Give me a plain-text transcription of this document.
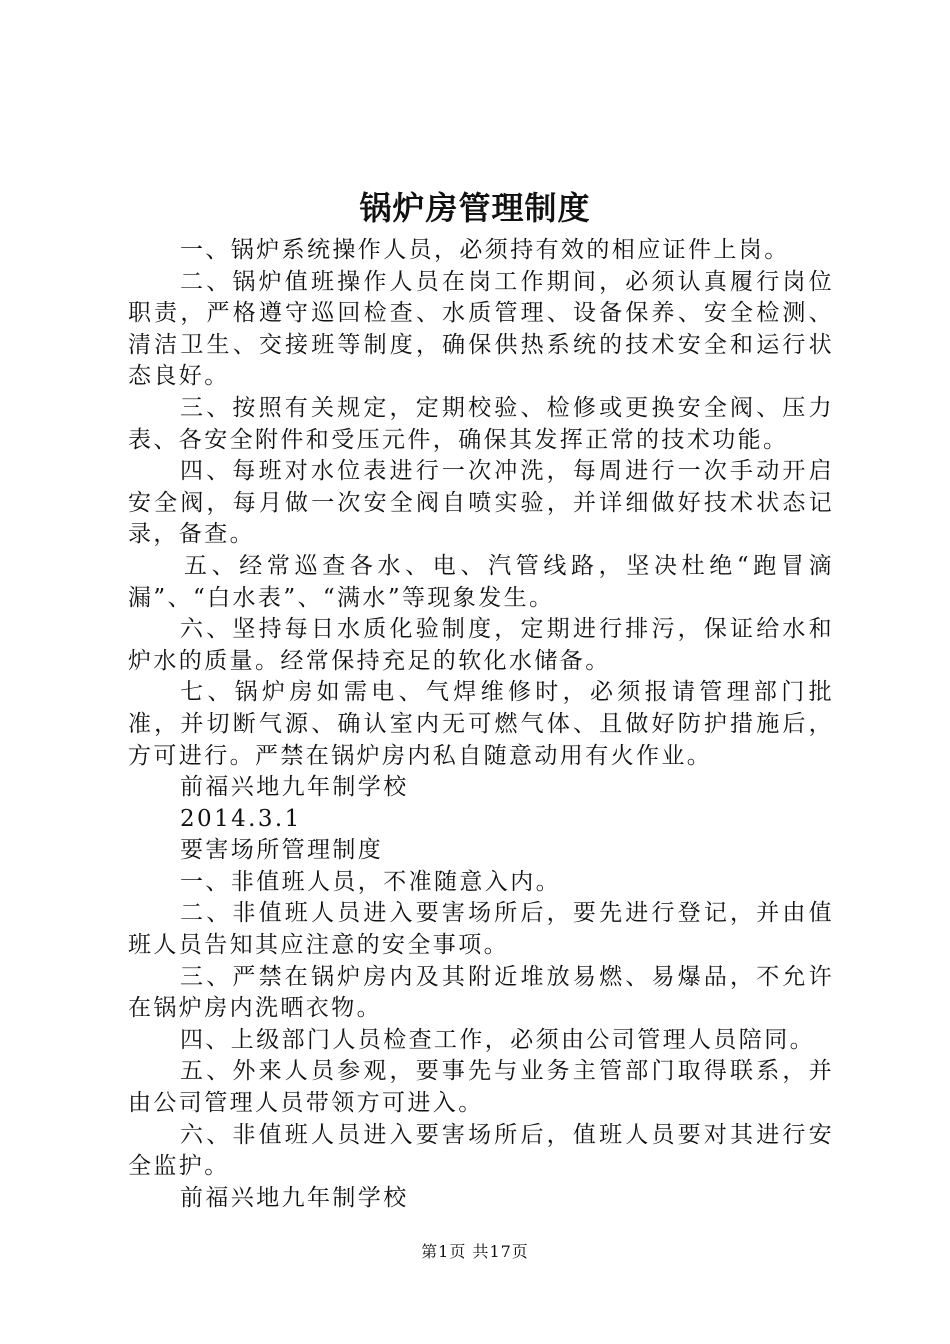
锅炉房管理制度

一、锅炉系统操作人员，必须持有效的相应证件上岗。

二、锅炉值班操作人员在岗工作期间，必须认真履行岗位职责，严格遵守巡回检查、水质管理、设备保养、安全检测、清洁卫生、交接班等制度，确保供热系统的技术安全和运行状态良好。

三、按照有关规定，定期校验、检修或更换安全阀、压力表、各安全附件和受压元件，确保其发挥正常的技术功能。

四、每班对水位表进行一次冲洗，每周进行一次手动开启安全阀，每月做一次安全阀自喷实验，并详细做好技术状态记录，备查。

五、经常巡查各水、电、汽管线路，坚决杜绝“跑冒滴漏”、“白水表”、“满水”等现象发生。

六、坚持每日水质化验制度，定期进行排污，保证给水和炉水的质量。经常保持充足的软化水储备。

七、锅炉房如需电、气焊维修时，必须报请管理部门批准，并切断气源、确认室内无可燃气体、且做好防护措施后，方可进行。严禁在锅炉房内私自随意动用有火作业。

前福兴地九年制学校

2014.3.1

要害场所管理制度

一、非值班人员，不准随意入内。

二、非值班人员进入要害场所后，要先进行登记，并由值班人员告知其应注意的安全事项。

三、严禁在锅炉房内及其附近堆放易燃、易爆品，不允许在锅炉房内洗晒衣物。

四、上级部门人员检查工作，必须由公司管理人员陪同。

五、外来人员参观，要事先与业务主管部门取得联系，并由公司管理人员带领方可进入。

六、非值班人员进入要害场所后，值班人员要对其进行安全监护。

前福兴地九年制学校

第1页 共17页
